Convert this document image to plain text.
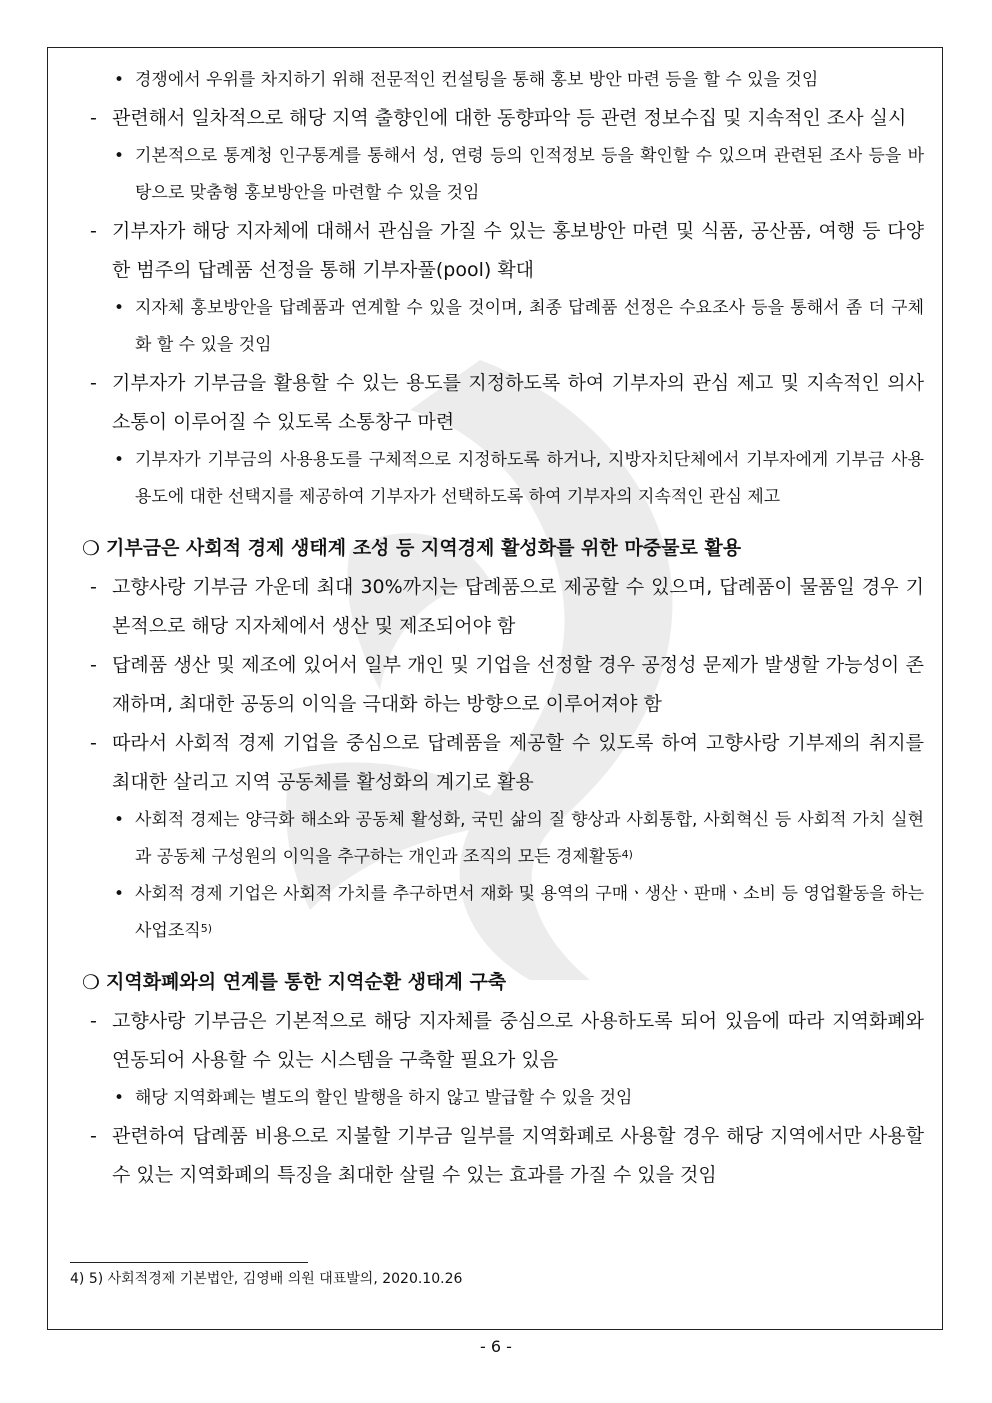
• 경쟁에서 우위를 차지하기 위해 전문적인 컨설팅을 통해 홍보 방안 마련 등을 할 수 있을 것임
- 관련해서 일차적으로 해당 지역 출향인에 대한 동향파악 등 관련 정보수집 및 지속적인 조사 실시
• 기본적으로 통계청 인구통계를 통해서 성, 연령 등의 인적정보 등을 확인할 수 있으며 관련된 조사 등을 바탕으로 맞춤형 홍보방안을 마련할 수 있을 것임
- 기부자가 해당 지자체에 대해서 관심을 가질 수 있는 홍보방안 마련 및 식품, 공산품, 여행 등 다양한 범주의 답례품 선정을 통해 기부자풀(pool) 확대
• 지자체 홍보방안을 답례품과 연계할 수 있을 것이며, 최종 답례품 선정은 수요조사 등을 통해서 좀 더 구체화 할 수 있을 것임
- 기부자가 기부금을 활용할 수 있는 용도를 지정하도록 하여 기부자의 관심 제고 및 지속적인 의사소통이 이루어질 수 있도록 소통창구 마련
• 기부자가 기부금의 사용용도를 구체적으로 지정하도록 하거나, 지방자치단체에서 기부자에게 기부금 사용용도에 대한 선택지를 제공하여 기부자가 선택하도록 하여 기부자의 지속적인 관심 제고
❍ 기부금은 사회적 경제 생태계 조성 등 지역경제 활성화를 위한 마중물로 활용
- 고향사랑 기부금 가운데 최대 30%까지는 답례품으로 제공할 수 있으며, 답례품이 물품일 경우 기본적으로 해당 지자체에서 생산 및 제조되어야 함
- 답례품 생산 및 제조에 있어서 일부 개인 및 기업을 선정할 경우 공정성 문제가 발생할 가능성이 존재하며, 최대한 공동의 이익을 극대화 하는 방향으로 이루어져야 함
- 따라서 사회적 경제 기업을 중심으로 답례품을 제공할 수 있도록 하여 고향사랑 기부제의 취지를 최대한 살리고 지역 공동체를 활성화의 계기로 활용
• 사회적 경제는 양극화 해소와 공동체 활성화, 국민 삶의 질 향상과 사회통합, 사회혁신 등 사회적 가치 실현과 공동체 구성원의 이익을 추구하는 개인과 조직의 모든 경제활동$^{4)}$
• 사회적 경제 기업은 사회적 가치를 추구하면서 재화 및 용역의 구매ㆍ생산ㆍ판매ㆍ소비 등 영업활동을 하는 사업조직$^{5)}$
❍ 지역화폐와의 연계를 통한 지역순환 생태계 구축
- 고향사랑 기부금은 기본적으로 해당 지자체를 중심으로 사용하도록 되어 있음에 따라 지역화폐와 연동되어 사용할 수 있는 시스템을 구축할 필요가 있음
• 해당 지역화폐는 별도의 할인 발행을 하지 않고 발급할 수 있을 것임
- 관련하여 답례품 비용으로 지불할 기부금 일부를 지역화폐로 사용할 경우 해당 지역에서만 사용할 수 있는 지역화폐의 특징을 최대한 살릴 수 있는 효과를 가질 수 있을 것임
4) 5) 사회적경제 기본법안, 김영배 의원 대표발의, 2020.10.26
- 6 -
